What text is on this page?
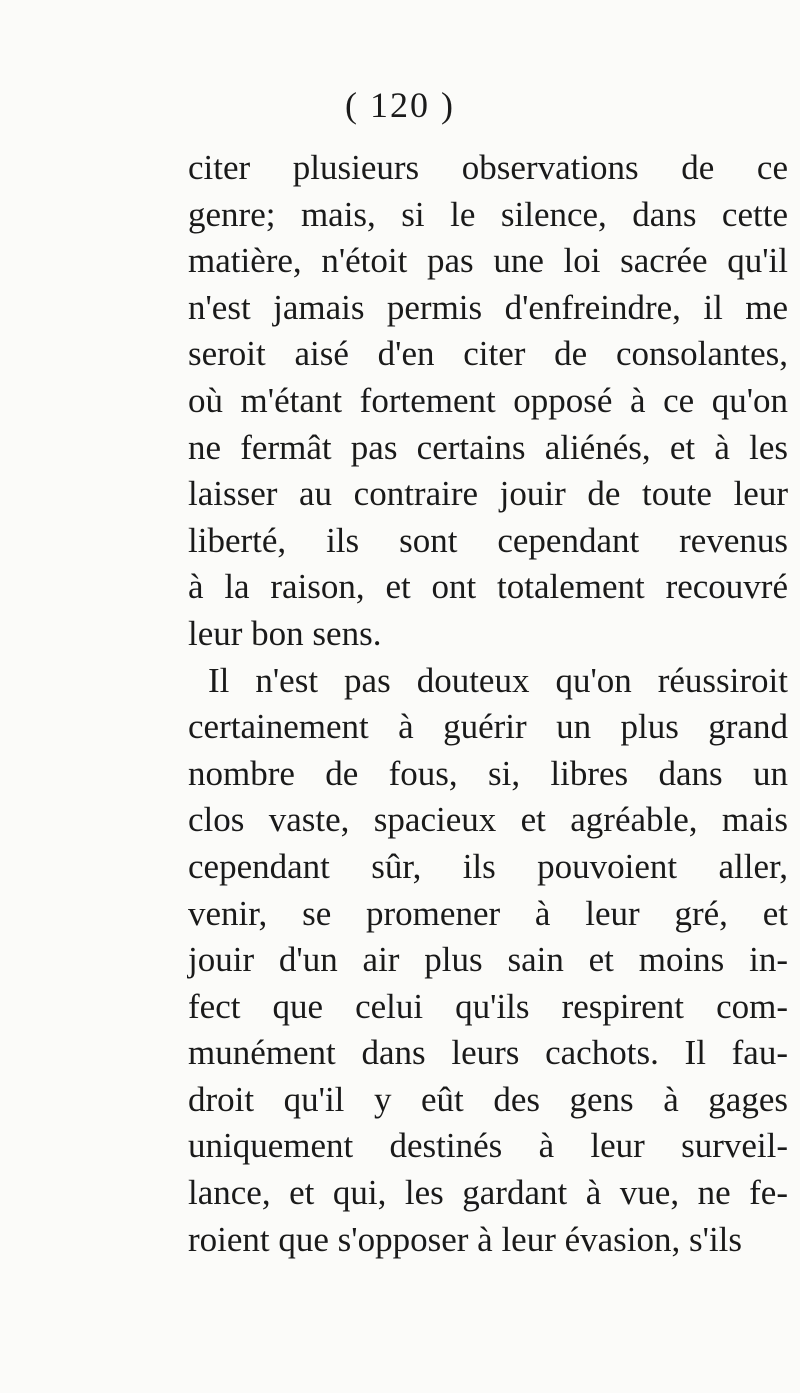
( 120 )
citer plusieurs observations de ce
genre; mais, si le silence, dans cette
matière, n'étoit pas une loi sacrée qu'il
n'est jamais permis d'enfreindre, il me
seroit aisé d'en citer de consolantes,
où m'étant fortement opposé à ce qu'on
ne fermât pas certains aliénés, et à les
laisser au contraire jouir de toute leur
liberté, ils sont cependant revenus
à la raison, et ont totalement recouvré
leur bon sens.
Il n'est pas douteux qu'on réussiroit
certainement à guérir un plus grand
nombre de fous, si, libres dans un
clos vaste, spacieux et agréable, mais
cependant sûr, ils pouvoient aller,
venir, se promener à leur gré, et
jouir d'un air plus sain et moins in-
fect que celui qu'ils respirent com-
munément dans leurs cachots. Il fau-
droit qu'il y eût des gens à gages
uniquement destinés à leur surveil-
lance, et qui, les gardant à vue, ne fe-
roient que s'opposer à leur évasion, s'ils
